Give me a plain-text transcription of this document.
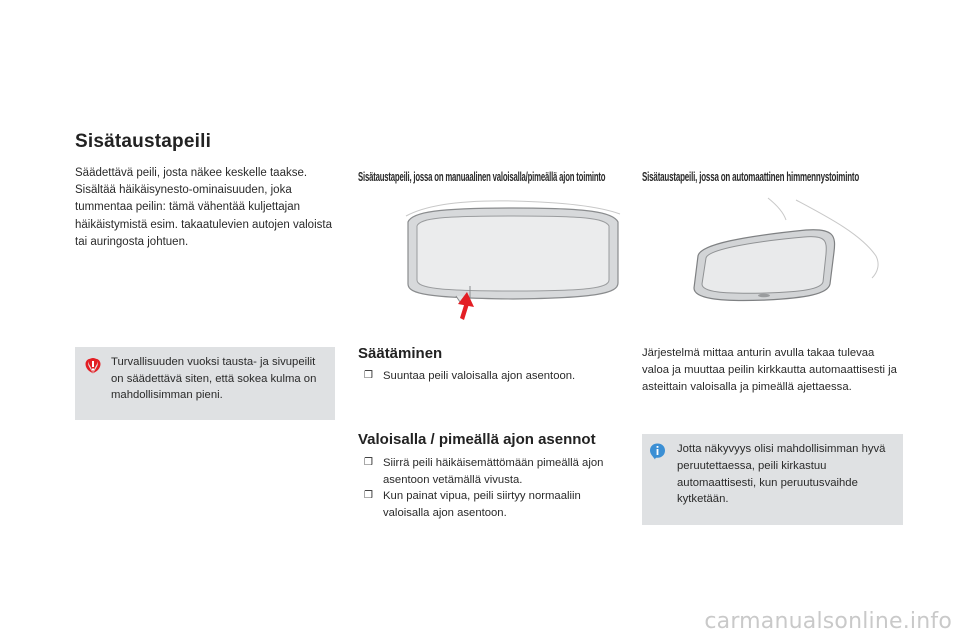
Sisätaustapeili
Säädettävä peili, josta näkee keskelle taakse. Sisältää häikäisynesto-ominaisuuden, joka tummentaa peilin: tämä vähentää kuljettajan häikäistymistä esim. takaatulevien autojen valoista tai auringosta johtuen.
Turvallisuuden vuoksi tausta- ja sivupeilit on säädettävä siten, että sokea kulma on mahdollisimman pieni.
Sisätaustapeili, jossa on manuaalinen valoisalla/pimeällä ajon toiminto	Sisätaustapeili, jossa on automaattinen himmennystoiminto
Säätäminen
❒ Suuntaa peili valoisalla ajon asentoon.
Valoisalla / pimeällä ajon asennot
❒ Siirrä peili häikäisemättömään pimeällä ajon asentoon vetämällä vivusta.
❒ Kun painat vipua, peili siirtyy normaaliin valoisalla ajon asentoon.
Järjestelmä mittaa anturin avulla takaa tulevaa valoa ja muuttaa peilin kirkkautta automaattisesti ja asteittain valoisalla ja pimeällä ajettaessa.
Jotta näkyvyys olisi mahdollisimman hyvä peruutettaessa, peili kirkastuu automaattisesti, kun peruutusvaihde kytketään.
carmanualsonline.info
